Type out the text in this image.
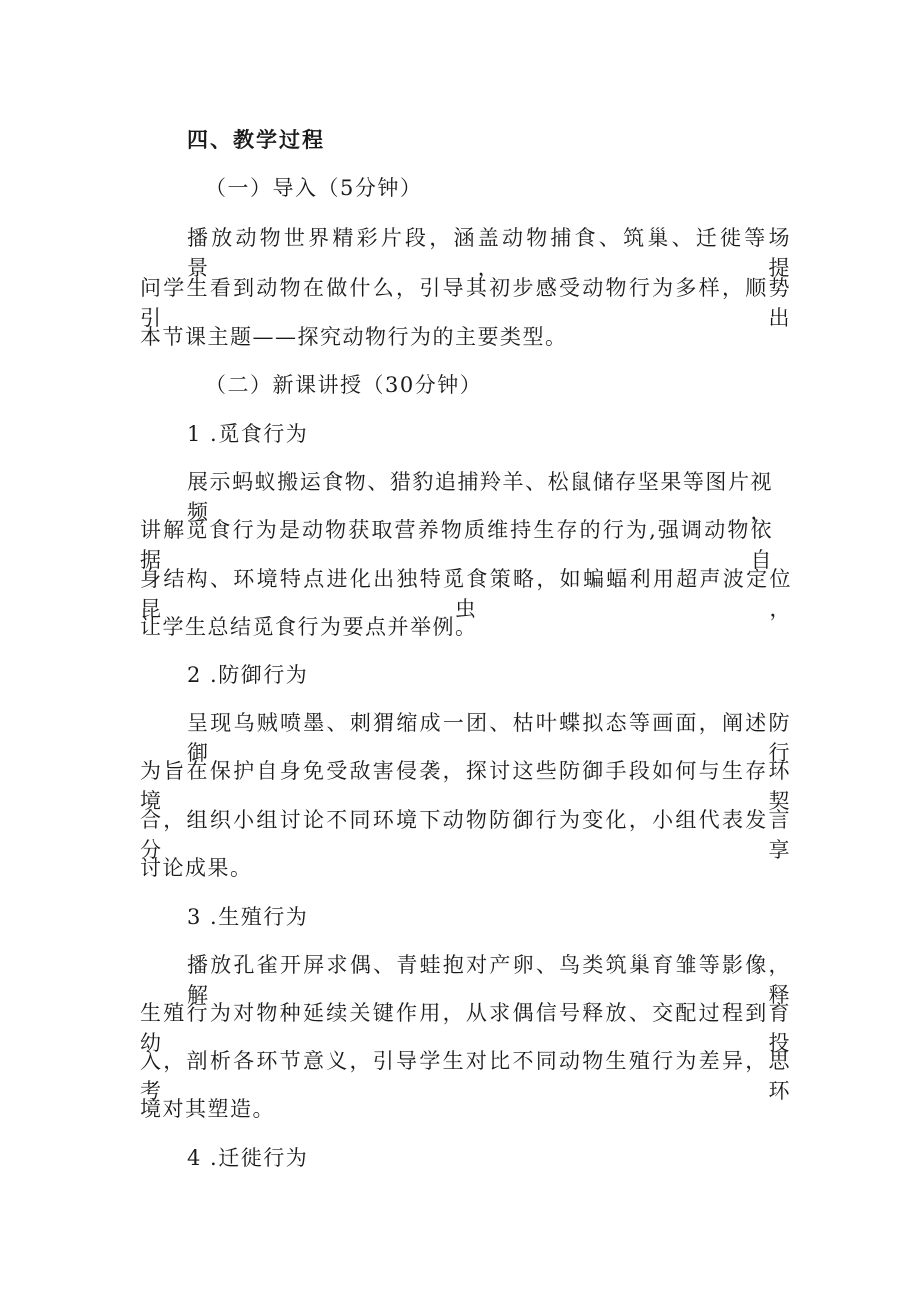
四、教学过程
（一）导入（5分钟）
播放动物世界精彩片段，涵盖动物捕食、筑巢、迁徙等场景，提
问学生看到动物在做什么，引导其初步感受动物行为多样，顺势引出
本节课主题——探究动物行为的主要类型。
（二）新课讲授（30分钟）
1 .觅食行为
展示蚂蚁搬运食物、猎豹追捕羚羊、松鼠储存坚果等图片视频，
讲解觅食行为是动物获取营养物质维持生存的行为,强调动物依据自
身结构、环境特点进化出独特觅食策略，如蝙蝠利用超声波定位昆虫，
让学生总结觅食行为要点并举例。
2 .防御行为
呈现乌贼喷墨、刺猬缩成一团、枯叶蝶拟态等画面，阐述防御行
为旨在保护自身免受敌害侵袭，探讨这些防御手段如何与生存环境契
合，组织小组讨论不同环境下动物防御行为变化，小组代表发言分享
讨论成果。
3 .生殖行为
播放孔雀开屏求偶、青蛙抱对产卵、鸟类筑巢育雏等影像，解释
生殖行为对物种延续关键作用，从求偶信号释放、交配过程到育幼投
入，剖析各环节意义，引导学生对比不同动物生殖行为差异，思考环
境对其塑造。
4 .迁徙行为
